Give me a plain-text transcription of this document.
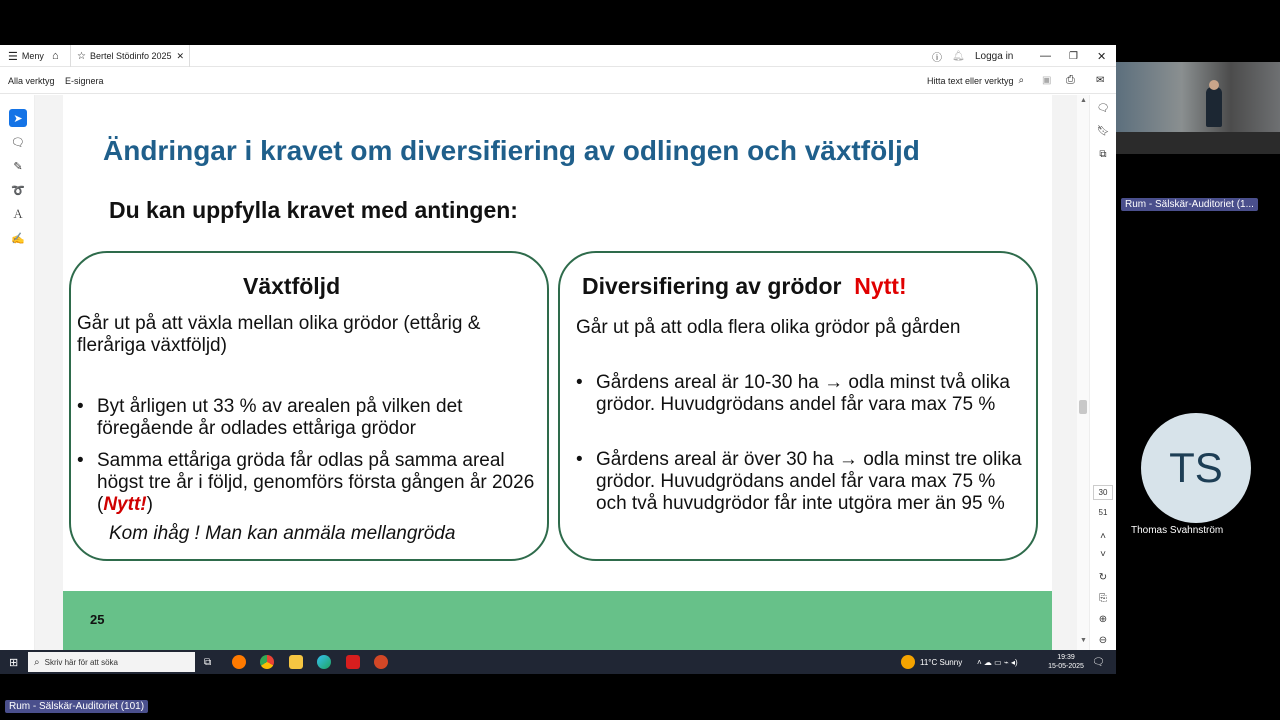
☰ Meny ⌂ ☆ Bertel Stödinfo 2025 ✕	ⓘ 🔔︎ Logga in — ❐ ✕
Alla verktyg E-signera	Hitta text eller verktyg ⌕ ▣ ⎙ ✉
➤
🗨︎
✎
➰
Ａ
✍
Ändringar i kravet om diversifiering av odlingen och växtföljd
Du kan uppfylla kravet med antingen:
Växtföljd
Går ut på att växla mellan olika grödor (ettårig & fleråriga växtföljd)
• Byt årligen ut 33 % av arealen på vilken det föregående år odlades ettåriga grödor
• Samma ettåriga gröda får odlas på samma areal högst tre år i följd, genomförs första gången år 2026 (Nytt!)
Kom ihåg ! Man kan anmäla mellangröda
Diversifiering av grödor Nytt!
Går ut på att odla flera olika grödor på gården
• Gårdens areal är 10-30 ha → odla minst två olika grödor. Huvudgrödans andel får vara max 75 %
• Gårdens areal är över 30 ha → odla minst tre olika grödor. Huvudgrödans andel får vara max 75 % och två huvudgrödor får inte utgöra mer än 95 %
25
▲
▼
🗨︎
🔖︎
⧉
30
51
˄
˅
↻
⎘
⊕
⊖
⊞ ⌕ Skriv här för att söka	⧉	11°C Sunny ˄ ☁ ▭ ⌁ ◂)	19:39
15-05-2025 🗨︎
Rum - Sälskär-Auditoriet (1...
TS
Thomas Svahnström
Rum - Sälskär-Auditoriet (101)
